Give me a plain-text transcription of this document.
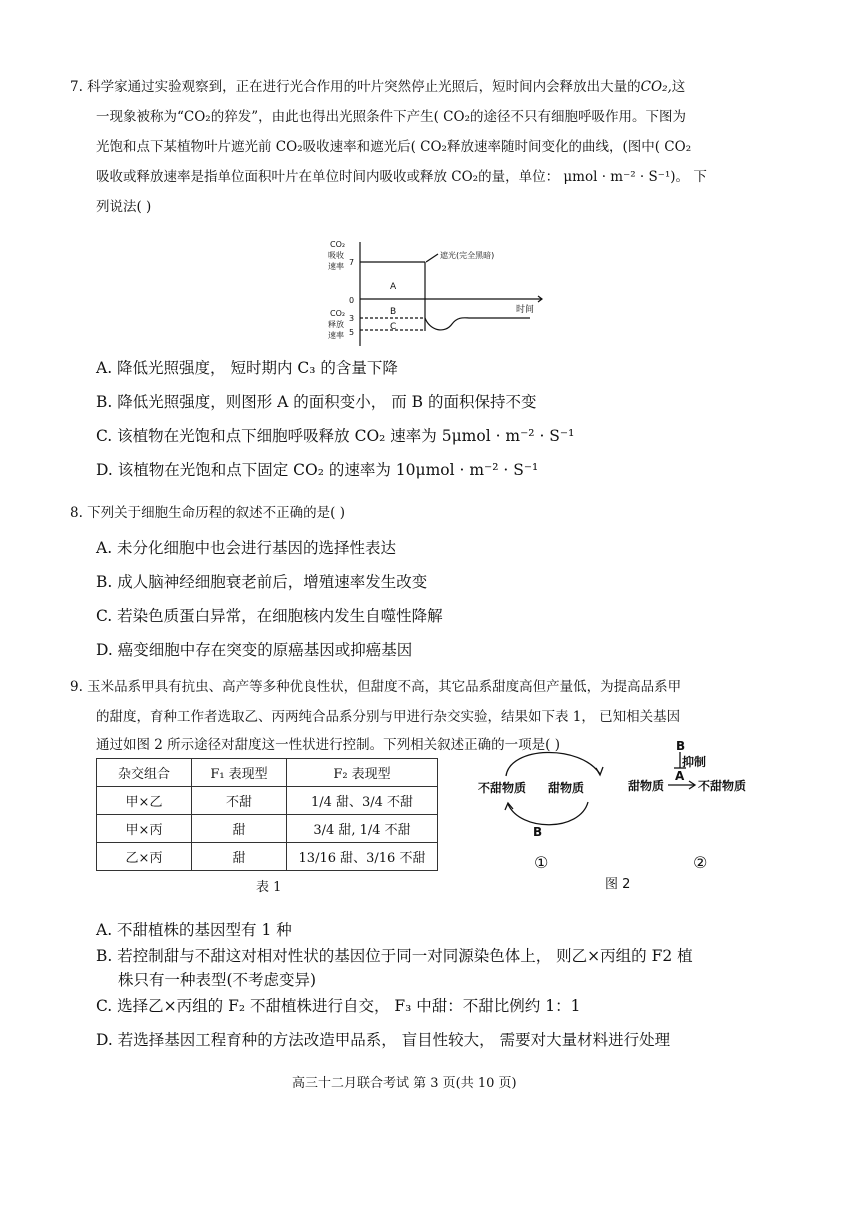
7. 科学家通过实验观察到，正在进行光合作用的叶片突然停止光照后，短时间内会释放出大量的CO₂,这
一现象被称为“CO₂的猝发”，由此也得出光照条件下产生( CO₂的途径不只有细胞呼吸作用。下图为
光饱和点下某植物叶片遮光前 CO₂吸收速率和遮光后( CO₂释放速率随时间变化的曲线，(图中( CO₂
吸收或释放速率是指单位面积叶片在单位时间内吸收或释放 CO₂的量，单位： μmol · m⁻² · S⁻¹)。 下
列说法( )
CO₂
吸收
速率 7
0
CO₂
释放
速率
3
5
时间
A
B
C
遮光(完全黑暗)
A. 降低光照强度， 短时期内 C₃ 的含量下降
B. 降低光照强度，则图形 A 的面积变小， 而 B 的面积保持不变
C. 该植物在光饱和点下细胞呼吸释放 CO₂ 速率为 5μmol · m⁻² · S⁻¹
D. 该植物在光饱和点下固定 CO₂ 的速率为 10μmol · m⁻² · S⁻¹
8. 下列关于细胞生命历程的叙述不正确的是( )
A. 未分化细胞中也会进行基因的选择性表达
B. 成人脑神经细胞衰老前后，增殖速率发生改变
C. 若染色质蛋白异常，在细胞核内发生自噬性降解
D. 癌变细胞中存在突变的原癌基因或抑癌基因
9. 玉米品系甲具有抗虫、高产等多种优良性状，但甜度不高，其它品系甜度高但产量低，为提高品系甲
的甜度，育种工作者选取乙、丙两纯合品系分别与甲进行杂交实验，结果如下表 1， 已知相关基因
通过如图 2 所示途径对甜度这一性状进行控制。下列相关叙述正确的一项是( )
杂交组合	F₁ 表现型	F₂ 表现型
甲×乙	不甜	1/4 甜、3/4 不甜
甲×丙	甜	3/4 甜, 1/4 不甜
乙×丙	甜	13/16 甜、3/16 不甜
表 1
不甜物质 甜物质
B
①
B
抑制
A
甜物质	不甜物质
②
图 2
A. 不甜植株的基因型有 1 种
B. 若控制甜与不甜这对相对性状的基因位于同一对同源染色体上， 则乙×丙组的 F2 植
株只有一种表型(不考虑变异)
C. 选择乙×丙组的 F₂ 不甜植株进行自交， F₃ 中甜：不甜比例约 1：1
D. 若选择基因工程育种的方法改造甲品系， 盲目性较大， 需要对大量材料进行处理
高三十二月联合考试 第 3 页(共 10 页)
